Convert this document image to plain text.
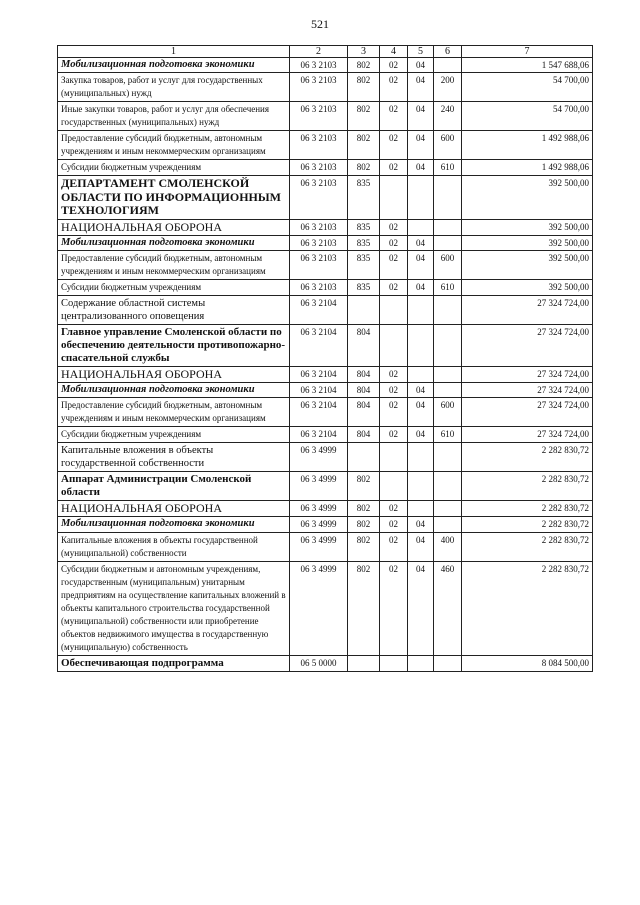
521
1	2	3	4	5	6	7
Мобилизационная подготовка экономики	06 3 2103	802	02	04		1 547 688,06
Закупка товаров, работ и услуг для государственных (муниципальных) нужд	06 3 2103	802	02	04	200	54 700,00
Иные закупки товаров, работ и услуг для обеспечения государственных (муниципальных) нужд	06 3 2103	802	02	04	240	54 700,00
Предоставление субсидий бюджетным, автономным учреждениям и иным некоммерческим организациям	06 3 2103	802	02	04	600	1 492 988,06
Субсидии бюджетным учреждениям	06 3 2103	802	02	04	610	1 492 988,06
ДЕПАРТАМЕНТ СМОЛЕНСКОЙ ОБЛАСТИ ПО ИНФОРМАЦИОННЫМ ТЕХНОЛОГИЯМ	06 3 2103	835				392 500,00
НАЦИОНАЛЬНАЯ ОБОРОНА	06 3 2103	835	02			392 500,00
Мобилизационная подготовка экономики	06 3 2103	835	02	04		392 500,00
Предоставление субсидий бюджетным, автономным учреждениям и иным некоммерческим организациям	06 3 2103	835	02	04	600	392 500,00
Субсидии бюджетным учреждениям	06 3 2103	835	02	04	610	392 500,00
Содержание областной системы централизованного оповещения	06 3 2104					27 324 724,00
Главное управление Смоленской области по обеспечению деятельности противопожарно-спасательной службы	06 3 2104	804				27 324 724,00
НАЦИОНАЛЬНАЯ ОБОРОНА	06 3 2104	804	02			27 324 724,00
Мобилизационная подготовка экономики	06 3 2104	804	02	04		27 324 724,00
Предоставление субсидий бюджетным, автономным учреждениям и иным некоммерческим организациям	06 3 2104	804	02	04	600	27 324 724,00
Субсидии бюджетным учреждениям	06 3 2104	804	02	04	610	27 324 724,00
Капитальные вложения в объекты государственной собственности	06 3 4999					2 282 830,72
Аппарат Администрации Смоленской области	06 3 4999	802				2 282 830,72
НАЦИОНАЛЬНАЯ ОБОРОНА	06 3 4999	802	02			2 282 830,72
Мобилизационная подготовка экономики	06 3 4999	802	02	04		2 282 830,72
Капитальные вложения в объекты государственной (муниципальной) собственности	06 3 4999	802	02	04	400	2 282 830,72
Субсидии бюджетным и автономным учреждениям, государственным (муниципальным) унитарным предприятиям на осуществление капитальных вложений в объекты капитального строительства государственной (муниципальной) собственности или приобретение объектов недвижимого имущества в государственную (муниципальную) собственность	06 3 4999	802	02	04	460	2 282 830,72
Обеспечивающая подпрограмма	06 5 0000					8 084 500,00
